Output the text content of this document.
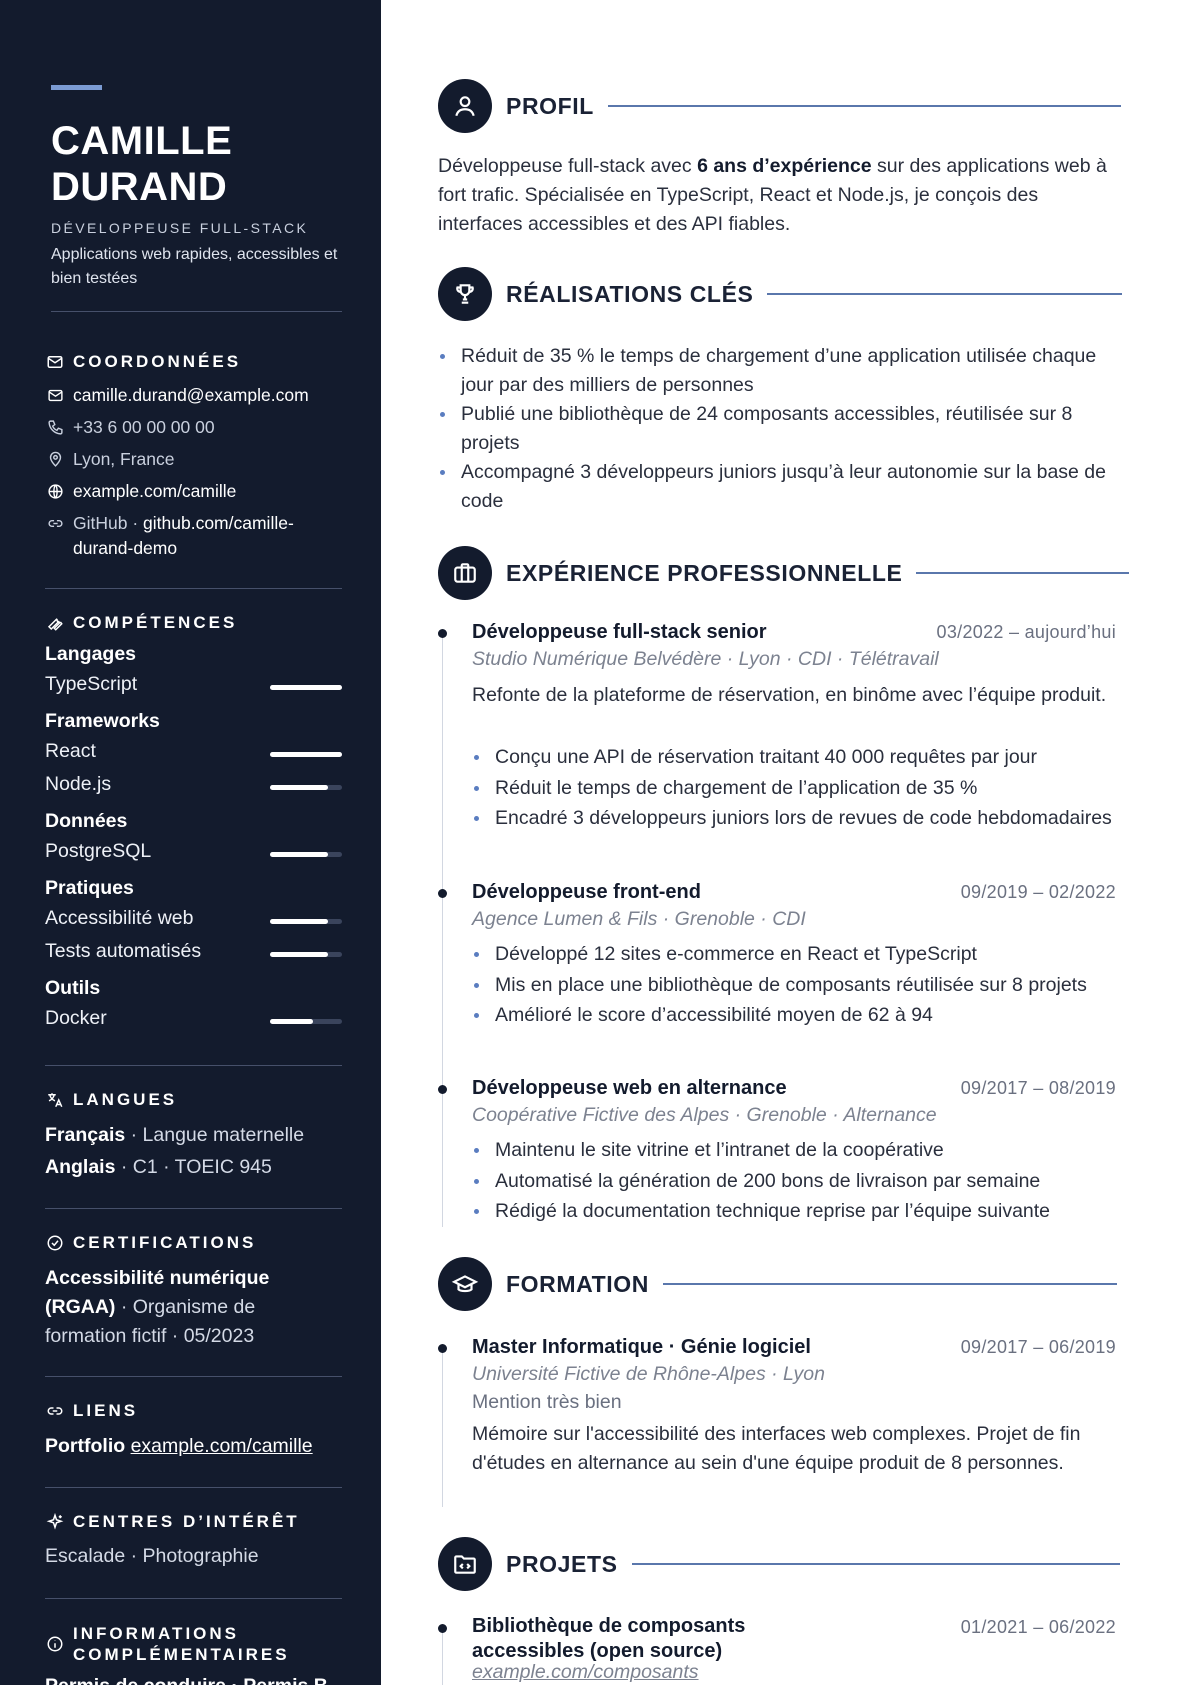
CAMILLE
DURAND
DÉVELOPPEUSE FULL-STACK
Applications web rapides, accessibles et bien testées
COORDONNÉES
camille.durand@example.com
+33 6 00 00 00 00
Lyon, France
example.com/camille
GitHub · github.com/camille-durand-demo
COMPÉTENCES
Langages
TypeScript
Frameworks
React
Node.js
Données
PostgreSQL
Pratiques
Accessibilité web
Tests automatisés
Outils
Docker
LANGUES
Français · Langue maternelle
Anglais · C1 · TOEIC 945
CERTIFICATIONS
Accessibilité numérique (RGAA) · Organisme de formation fictif · 05/2023
LIENS
Portfolio example.com/camille
CENTRES D’INTÉRÊT
Escalade · Photographie
INFORMATIONS
COMPLÉMENTAIRES
Permis de conduire · Permis B
PROFIL

Développeuse full-stack avec 6 ans d’expérience sur des applications web à fort trafic. Spécialisée en TypeScript, React et Node.js, je conçois des interfaces accessibles et des API fiables.

RÉALISATIONS CLÉS
Réduit de 35 % le temps de chargement d’une application utilisée chaque jour par des milliers de personnes
Publié une bibliothèque de 24 composants accessibles, réutilisée sur 8 projets
Accompagné 3 développeurs juniors jusqu’à leur autonomie sur la base de code
EXPÉRIENCE PROFESSIONNELLE
Développeuse full-stack senior	03/2022 – aujourd’hui
Studio Numérique Belvédère · Lyon · CDI · Télétravail
Refonte de la plateforme de réservation, en binôme avec l’équipe produit.
Conçu une API de réservation traitant 40 000 requêtes par jour
Réduit le temps de chargement de l’application de 35 %
Encadré 3 développeurs juniors lors de revues de code hebdomadaires
Développeuse front-end	09/2019 – 02/2022
Agence Lumen & Fils · Grenoble · CDI
Développé 12 sites e-commerce en React et TypeScript
Mis en place une bibliothèque de composants réutilisée sur 8 projets
Amélioré le score d’accessibilité moyen de 62 à 94
Développeuse web en alternance	09/2017 – 08/2019
Coopérative Fictive des Alpes · Grenoble · Alternance
Maintenu le site vitrine et l’intranet de la coopérative
Automatisé la génération de 200 bons de livraison par semaine
Rédigé la documentation technique reprise par l’équipe suivante
FORMATION
Master Informatique · Génie logiciel	09/2017 – 06/2019
Université Fictive de Rhône-Alpes · Lyon
Mention très bien
Mémoire sur l'accessibilité des interfaces web complexes. Projet de fin d'études en alternance au sein d'une équipe produit de 8 personnes.
PROJETS
Bibliothèque de composants accessibles (open source)
01/2021 – 06/2022
example.com/composants
